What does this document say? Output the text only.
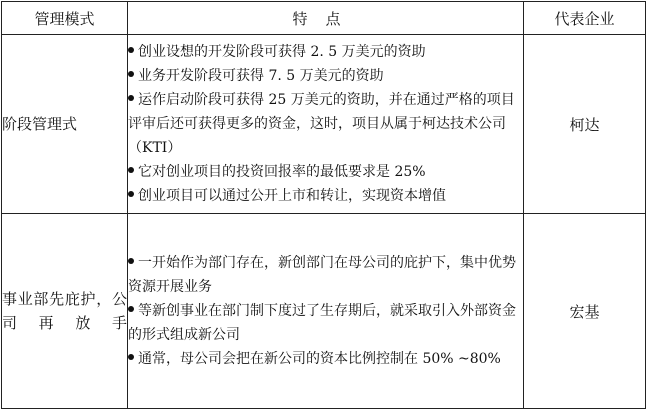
管理模式	特点	代表企业
阶段管理式	创业设想的开发阶段可获得 2. 5 万美元的资助
业务开发阶段可获得 7. 5 万美元的资助
运作启动阶段可获得 25 万美元的资助，并在通过严格的项目评审后还可获得更多的资金，这时，项目从属于柯达技术公司（KTI）
它对创业项目的投资回报率的最低要求是 25%
创业项目可以通过公开上市和转让，实现资本增值	柯达
事业部先庇护，公司再放手	一开始作为部门存在，新创部门在母公司的庇护下，集中优势资源开展业务
等新创事业在部门制下度过了生存期后，就采取引入外部资金的形式组成新公司
通常，母公司会把在新公司的资本比例控制在 50% ~80%	宏基
